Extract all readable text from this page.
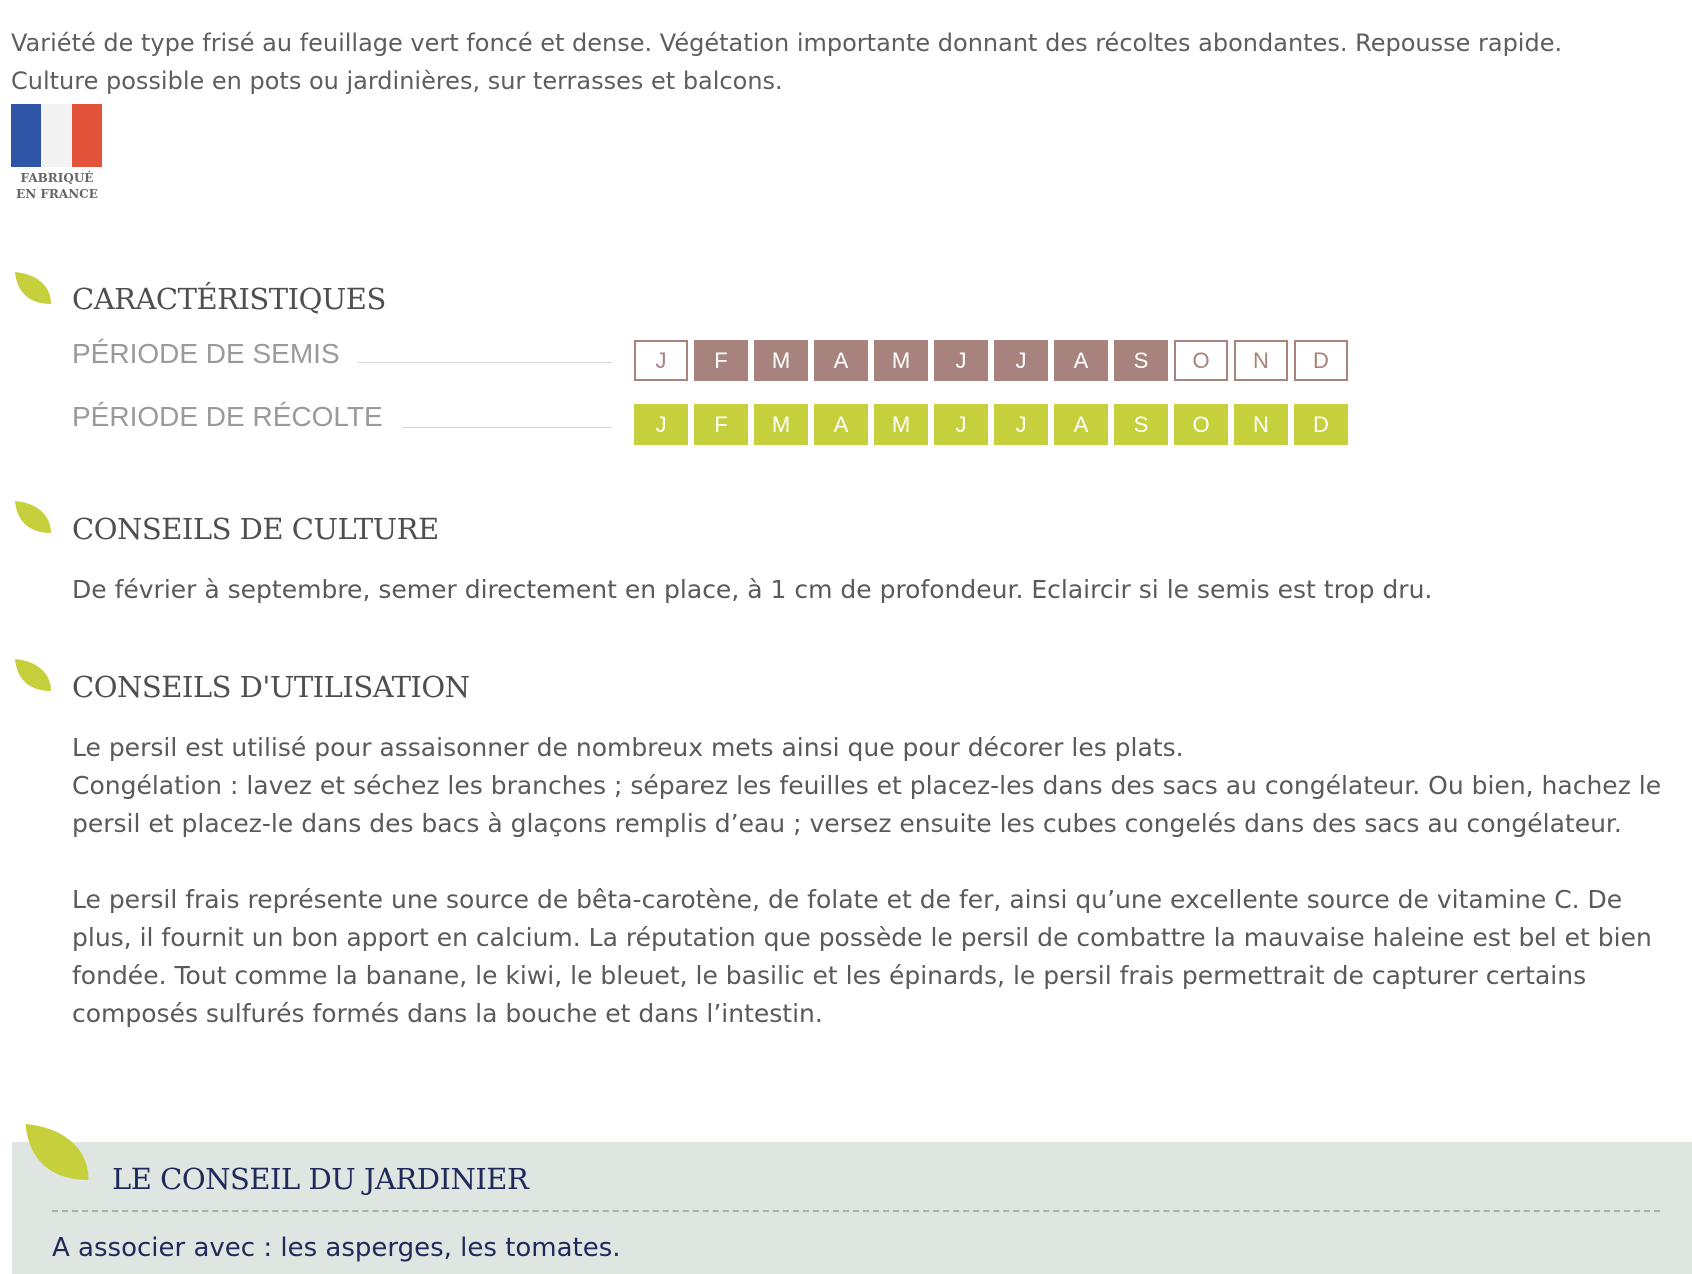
Variété de type frisé au feuillage vert foncé et dense. Végétation importante donnant des récoltes abondantes. Repousse rapide. Culture possible en pots ou jardinières, sur terrasses et balcons.

FABRIQUÉ
EN FRANCE
CARACTÉRISTIQUES
PÉRIODE DE SEMIS	J	F	M	A	M	J	J	A	S	O	N	D
PÉRIODE DE RÉCOLTE	J	F	M	A	M	J	J	A	S	O	N	D
CONSEILS DE CULTURE

De février à septembre, semer directement en place, à 1 cm de profondeur. Eclaircir si le semis est trop dru.

CONSEILS D'UTILISATION
Le persil est utilisé pour assaisonner de nombreux mets ainsi que pour décorer les plats.
Congélation : lavez et séchez les branches ; séparez les feuilles et placez-les dans des sacs au congélateur. Ou bien, hachez le persil et placez-le dans des bacs à glaçons remplis d’eau ; versez ensuite les cubes congelés dans des sacs au congélateur.
Le persil frais représente une source de bêta-carotène, de folate et de fer, ainsi qu’une excellente source de vitamine C. De plus, il fournit un bon apport en calcium. La réputation que possède le persil de combattre la mauvaise haleine est bel et bien fondée. Tout comme la banane, le kiwi, le bleuet, le basilic et les épinards, le persil frais permettrait de capturer certains composés sulfurés formés dans la bouche et dans l’intestin.
LE CONSEIL DU JARDINIER

A associer avec : les asperges, les tomates.
